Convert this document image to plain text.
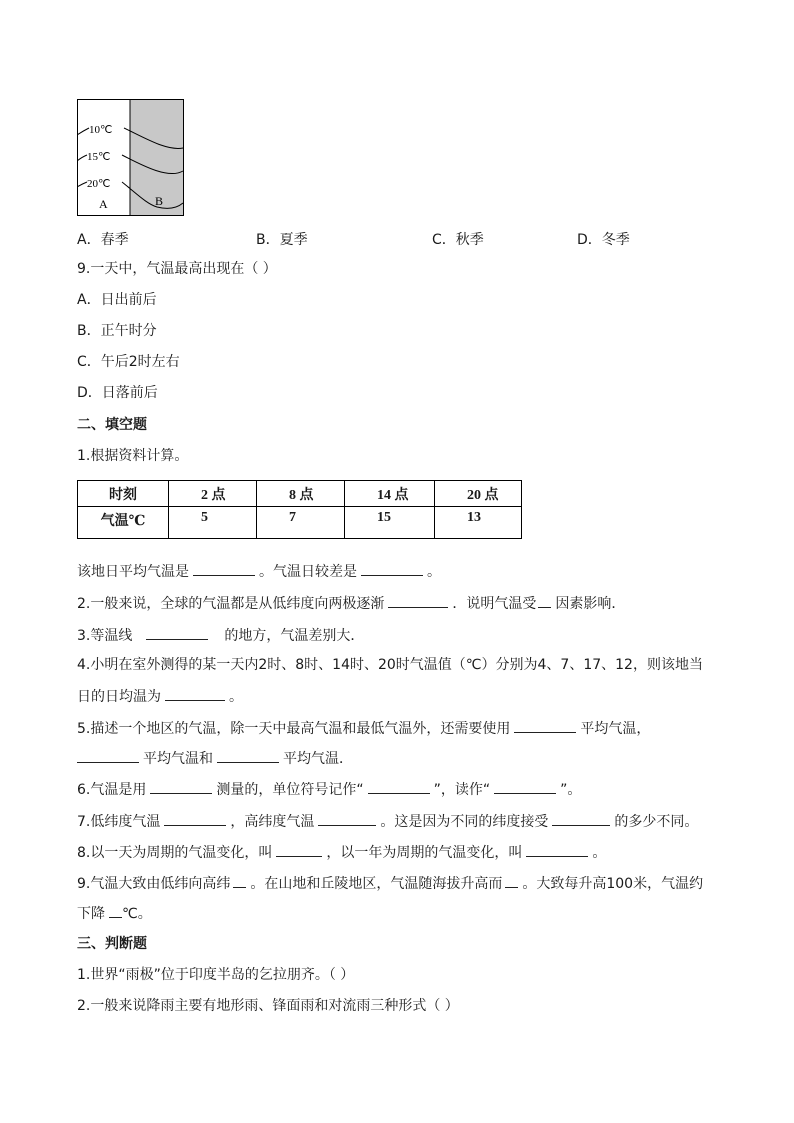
10℃
15℃
20℃
A	B
A．春季	B．夏季	C．秋季	D．冬季
9.一天中，气温最高出现在（ ）
A．日出前后
B．正午时分
C．午后2时左右
D．日落前后
二、填空题
1.根据资料计算。
时刻	2 点	8 点	14 点	20 点
气温℃	5	7	15	13
该地日平均气温是	。气温日较差是	。
2.一般来说，全球的气温都是从低纬度向两极逐渐	．说明气温受 因素影响．
3.等温线	的地方，气温差别大．
4.小明在室外测得的某一天内2时、8时、14时、20时气温值（℃）分别为4、7、17、12，则该地当
日的日均温为	。
5.描述一个地区的气温，除一天中最高气温和最低气温外，还需要使用	平均气温，
平均气温和	平均气温．
6.气温是用	测量的，单位符号记作“	”，读作“	”。
7.低纬度气温	，高纬度气温	。这是因为不同的纬度接受	的多少不同。
8.以一天为周期的气温变化，叫	，以一年为周期的气温变化，叫	。
9.气温大致由低纬向高纬 。在山地和丘陵地区，气温随海拔升高而 。大致每升高100米，气温约
下降 ℃。
三、判断题
1.世界“雨极”位于印度半岛的乞拉朋齐。（ ）
2.一般来说降雨主要有地形雨、锋面雨和对流雨三种形式（ ）
